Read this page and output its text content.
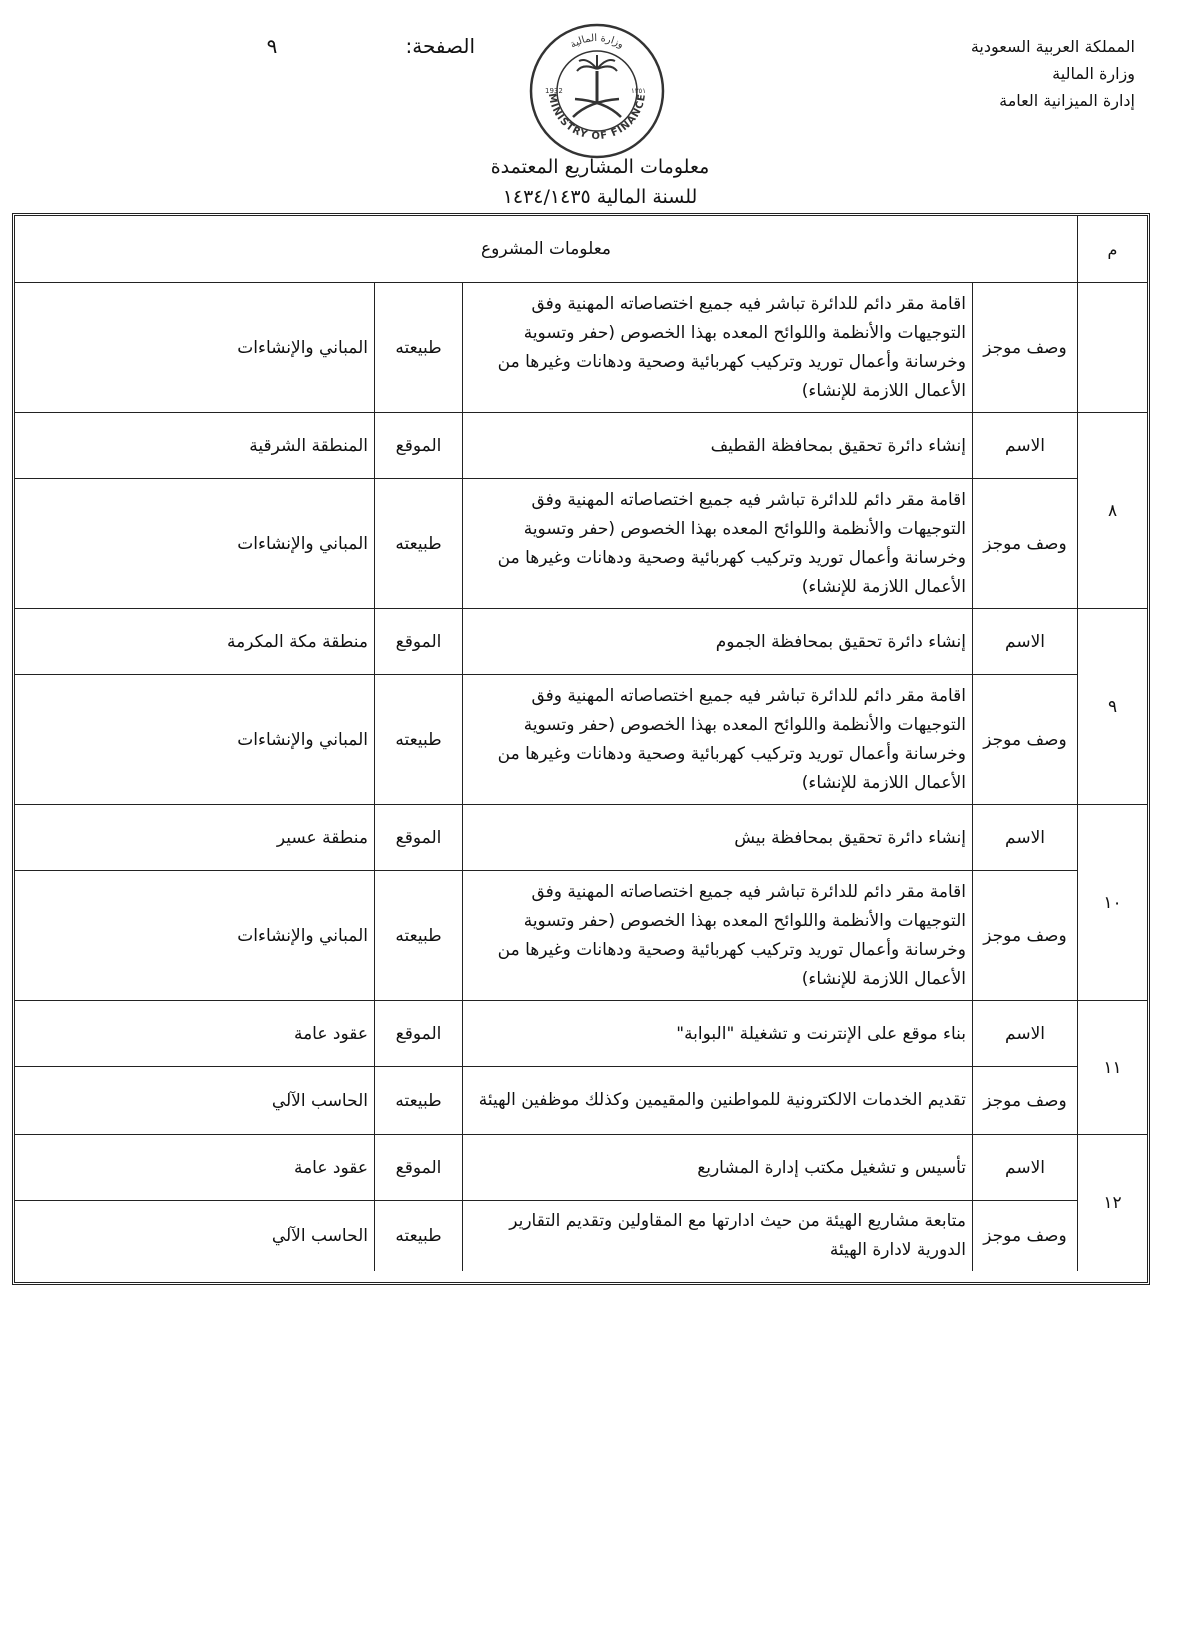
المملكة العربية السعودية
وزارة المالية
إدارة الميزانية العامة
الصفحة:
٩
MINISTRY OF FINANCE
وزارة المالية
1932	١٣٥١
معلومات المشاريع المعتمدة
للسنة المالية ١٤٣٤/١٤٣٥
م
معلومات المشروع
وصف موجز
اقامة مقر دائم للدائرة تباشر فيه جميع اختصاصاته المهنية وفق التوجيهات والأنظمة واللوائح المعده بهذا الخصوص (حفر وتسوية وخرسانة وأعمال توريد وتركيب كهربائية وصحية ودهانات وغيرها من الأعمال اللازمة للإنشاء)
طبيعته
المباني والإنشاءات
٨
الاسم
إنشاء دائرة تحقيق بمحافظة القطيف
الموقع
المنطقة الشرقية
وصف موجز
اقامة مقر دائم للدائرة تباشر فيه جميع اختصاصاته المهنية وفق التوجيهات والأنظمة واللوائح المعده بهذا الخصوص (حفر وتسوية وخرسانة وأعمال توريد وتركيب كهربائية وصحية ودهانات وغيرها من الأعمال اللازمة للإنشاء)
طبيعته
المباني والإنشاءات
٩
الاسم
إنشاء دائرة تحقيق بمحافظة الجموم
الموقع
منطقة مكة المكرمة
وصف موجز
اقامة مقر دائم للدائرة تباشر فيه جميع اختصاصاته المهنية وفق التوجيهات والأنظمة واللوائح المعده بهذا الخصوص (حفر وتسوية وخرسانة وأعمال توريد وتركيب كهربائية وصحية ودهانات وغيرها من الأعمال اللازمة للإنشاء)
طبيعته
المباني والإنشاءات
١٠
الاسم
إنشاء دائرة تحقيق بمحافظة بيش
الموقع
منطقة عسير
وصف موجز
اقامة مقر دائم للدائرة تباشر فيه جميع اختصاصاته المهنية وفق التوجيهات والأنظمة واللوائح المعده بهذا الخصوص (حفر وتسوية وخرسانة وأعمال توريد وتركيب كهربائية وصحية ودهانات وغيرها من الأعمال اللازمة للإنشاء)
طبيعته
المباني والإنشاءات
١١
الاسم
بناء موقع على الإنترنت و تشغيلة "البوابة"
الموقع
عقود عامة
وصف موجز
تقديم الخدمات الالكترونية للمواطنين والمقيمين وكذلك موظفين الهيئة
طبيعته
الحاسب الآلي
١٢
الاسم
تأسيس و تشغيل مكتب إدارة المشاريع
الموقع
عقود عامة
وصف موجز
متابعة مشاريع الهيئة من حيث ادارتها مع المقاولين وتقديم التقارير الدورية لادارة الهيئة
طبيعته
الحاسب الآلي
